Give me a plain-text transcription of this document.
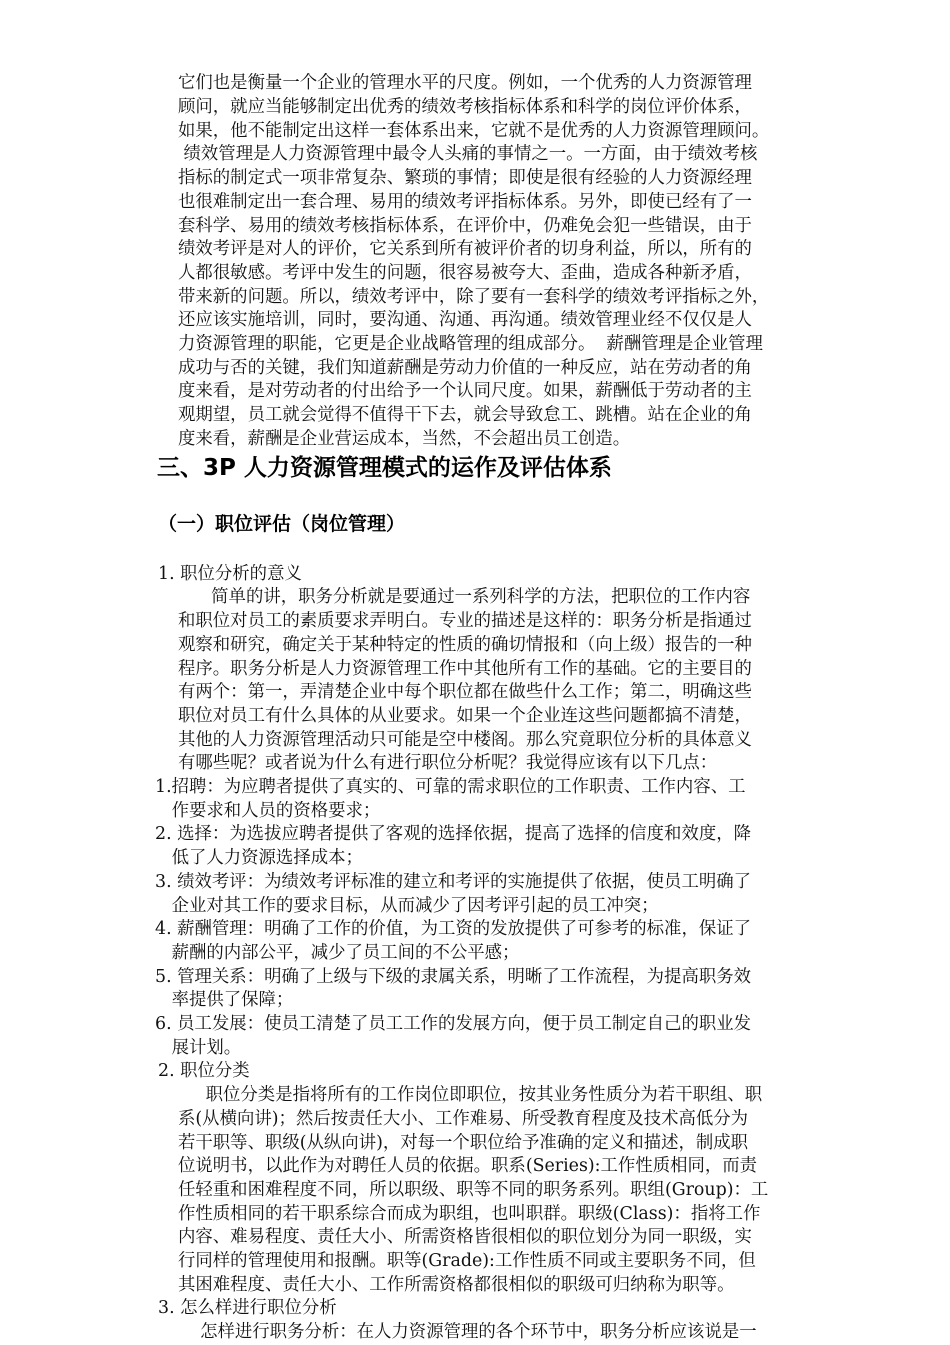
它们也是衡量一个企业的管理水平的尺度。例如，一个优秀的人力资源管理

顾问，就应当能够制定出优秀的绩效考核指标体系和科学的岗位评价体系，

如果，他不能制定出这样一套体系出来，它就不是优秀的人力资源管理顾问。

绩效管理是人力资源管理中最令人头痛的事情之一。一方面，由于绩效考核

指标的制定式一项非常复杂、繁琐的事情；即使是很有经验的人力资源经理

也很难制定出一套合理、易用的绩效考评指标体系。另外，即使已经有了一

套科学、易用的绩效考核指标体系，在评价中，仍难免会犯一些错误，由于

绩效考评是对人的评价，它关系到所有被评价者的切身利益，所以，所有的

人都很敏感。考评中发生的问题，很容易被夸大、歪曲，造成各种新矛盾，

带来新的问题。所以，绩效考评中，除了要有一套科学的绩效考评指标之外，

还应该实施培训，同时，要沟通、沟通、再沟通。绩效管理业经不仅仅是人

力资源管理的职能，它更是企业战略管理的组成部分。  薪酬管理是企业管理

成功与否的关键，我们知道薪酬是劳动力价值的一种反应，站在劳动者的角

度来看，是对劳动者的付出给予一个认同尺度。如果，薪酬低于劳动者的主

观期望，员工就会觉得不值得干下去，就会导致怠工、跳槽。站在企业的角

度来看，薪酬是企业营运成本，当然，不会超出员工创造。

三、3P 人力资源管理模式的运作及评估体系
（一）职位评估（岗位管理）

1. 职位分析的意义

简单的讲，职务分析就是要通过一系列科学的方法，把职位的工作内容

和职位对员工的素质要求弄明白。专业的描述是这样的：职务分析是指通过

观察和研究，确定关于某种特定的性质的确切情报和（向上级）报告的一种

程序。职务分析是人力资源管理工作中其他所有工作的基础。它的主要目的

有两个：第一，弄清楚企业中每个职位都在做些什么工作；第二，明确这些

职位对员工有什么具体的从业要求。如果一个企业连这些问题都搞不清楚，

其他的人力资源管理活动只可能是空中楼阁。那么究竟职位分析的具体意义

有哪些呢？或者说为什么有进行职位分析呢？我觉得应该有以下几点：

1.招聘：为应聘者提供了真实的、可靠的需求职位的工作职责、工作内容、工

作要求和人员的资格要求；

2. 选择：为选拔应聘者提供了客观的选择依据，提高了选择的信度和效度，降

低了人力资源选择成本；

3. 绩效考评：为绩效考评标准的建立和考评的实施提供了依据，使员工明确了

企业对其工作的要求目标，从而减少了因考评引起的员工冲突；

4. 薪酬管理：明确了工作的价值，为工资的发放提供了可参考的标准，保证了

薪酬的内部公平，减少了员工间的不公平感；

5. 管理关系：明确了上级与下级的隶属关系，明晰了工作流程，为提高职务效

率提供了保障；

6. 员工发展：使员工清楚了员工工作的发展方向，便于员工制定自己的职业发

展计划。

2. 职位分类

职位分类是指将所有的工作岗位即职位，按其业务性质分为若干职组、职

系(从横向讲)；然后按责任大小、工作难易、所受教育程度及技术高低分为

若干职等、职级(从纵向讲)，对每一个职位给予准确的定义和描述，制成职

位说明书，以此作为对聘任人员的依据。职系(Series):工作性质相同，而责

任轻重和困难程度不同，所以职级、职等不同的职务系列。职组(Group)：工

作性质相同的若干职系综合而成为职组，也叫职群。职级(Class)：指将工作

内容、难易程度、责任大小、所需资格皆很相似的职位划分为同一职级，实

行同样的管理使用和报酬。职等(Grade):工作性质不同或主要职务不同，但

其困难程度、责任大小、工作所需资格都很相似的职级可归纳称为职等。

3. 怎么样进行职位分析

怎样进行职务分析：在人力资源管理的各个环节中，职务分析应该说是一
